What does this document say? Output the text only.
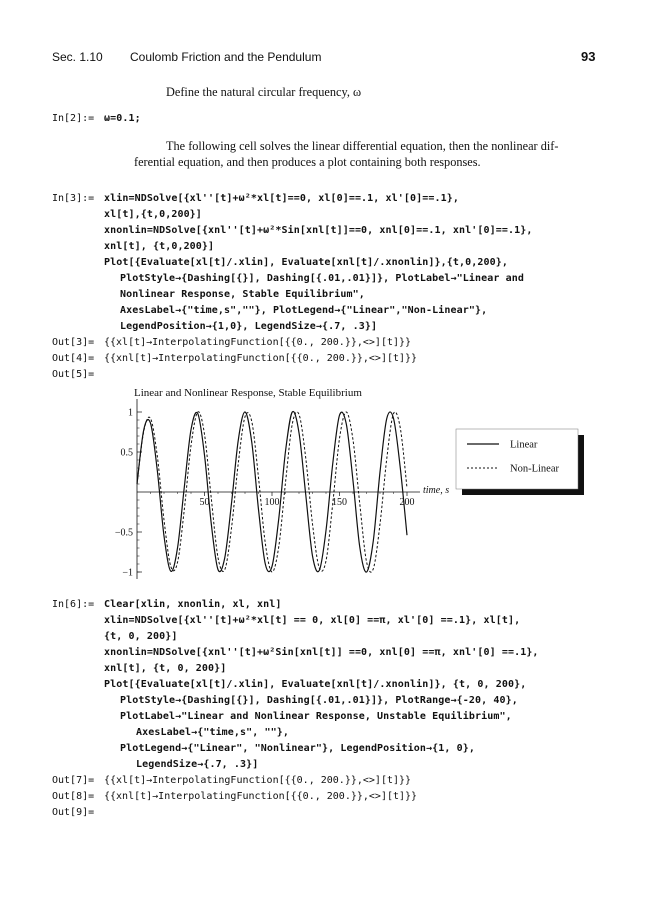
Sec. 1.10 Coulomb Friction and the Pendulum	93
Define the natural circular frequency, ω
In[2]:= ω=0.1;
The following cell solves the linear differential equation, then the nonlinear dif-
ferential equation, and then produces a plot containing both responses.
In[3]:= xlin=NDSolve[{xl''[t]+ω²*xl[t]==0, xl[0]==.1, xl'[0]==.1},
xl[t],{t,0,200}]
xnonlin=NDSolve[{xnl''[t]+ω²*Sin[xnl[t]]==0, xnl[0]==.1, xnl'[0]==.1},
xnl[t], {t,0,200}]
Plot[{Evaluate[xl[t]/.xlin], Evaluate[xnl[t]/.xnonlin]},{t,0,200},
PlotStyle→{Dashing[{}], Dashing[{.01,.01}]}, PlotLabel→"Linear and
Nonlinear Response, Stable Equilibrium",
AxesLabel→{"time,s",""}, PlotLegend→{"Linear","Non-Linear"},
LegendPosition→{1,0}, LegendSize→{.7, .3}]
Out[3]= {{xl[t]→InterpolatingFunction[{{0., 200.}},<>][t]}}
Out[4]= {{xnl[t]→InterpolatingFunction[{{0., 200.}},<>][t]}}
Out[5]=
Linear and Nonlinear Response, Stable Equilibrium
50	100	150	200
1
0.5
−0.5
−1
time, s
Linear
Non-Linear
In[6]:= Clear[xlin, xnonlin, xl, xnl]
xlin=NDSolve[{xl''[t]+ω²*xl[t] == 0, xl[0] ==π, xl'[0] ==.1}, xl[t],
{t, 0, 200}]
xnonlin=NDSolve[{xnl''[t]+ω²Sin[xnl[t]] ==0, xnl[0] ==π, xnl'[0] ==.1},
xnl[t], {t, 0, 200}]
Plot[{Evaluate[xl[t]/.xlin], Evaluate[xnl[t]/.xnonlin]}, {t, 0, 200},
PlotStyle→{Dashing[{}], Dashing[{.01,.01}]}, PlotRange→{-20, 40},
PlotLabel→"Linear and Nonlinear Response, Unstable Equilibrium",
AxesLabel→{"time,s", ""},
PlotLegend→{"Linear", "Nonlinear"}, LegendPosition→{1, 0},
LegendSize→{.7, .3}]
Out[7]= {{xl[t]→InterpolatingFunction[{{0., 200.}},<>][t]}}
Out[8]= {{xnl[t]→InterpolatingFunction[{{0., 200.}},<>][t]}}
Out[9]=
